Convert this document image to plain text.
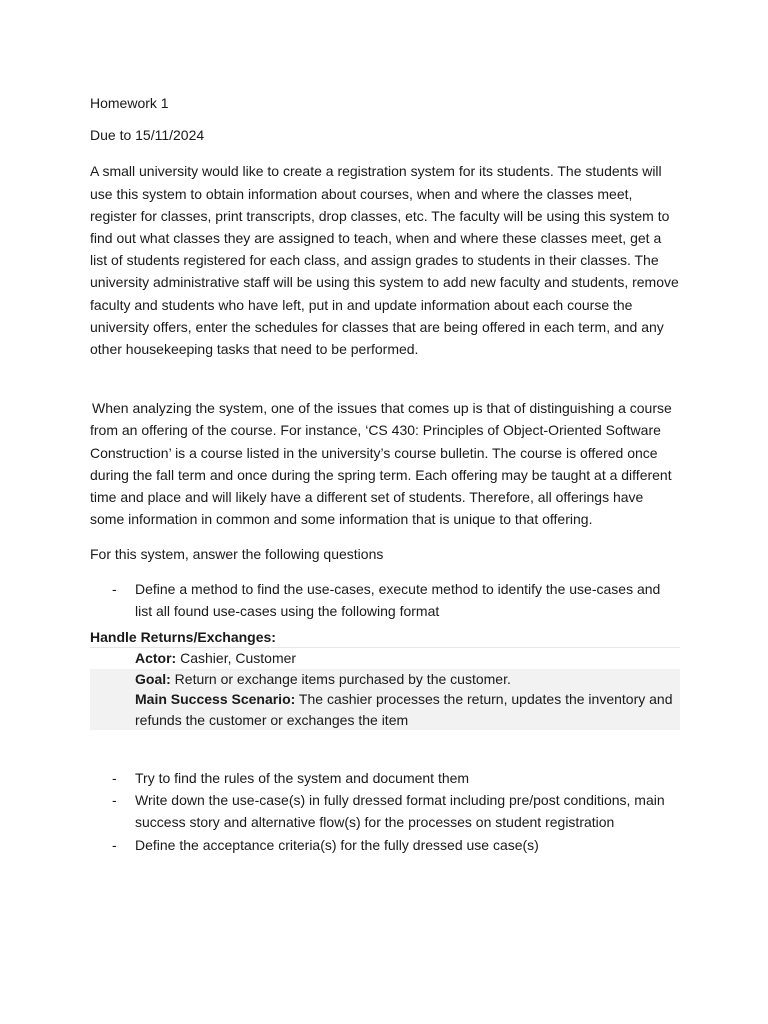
Homework 1

Due to 15/11/2024

A small university would like to create a registration system for its students. The students will use this system to obtain information about courses, when and where the classes meet, register for classes, print transcripts, drop classes, etc. The faculty will be using this system to find out what classes they are assigned to teach, when and where these classes meet, get a list of students registered for each class, and assign grades to students in their classes. The university administrative staff will be using this system to add new faculty and students, remove faculty and students who have left, put in and update information about each course the university offers, enter the schedules for classes that are being offered in each term, and any other housekeeping tasks that need to be performed.

When analyzing the system, one of the issues that comes up is that of distinguishing a course from an offering of the course. For instance, ‘CS 430: Principles of Object-Oriented Software Construction’ is a course listed in the university’s course bulletin. The course is offered once during the fall term and once during the spring term. Each offering may be taught at a different time and place and will likely have a different set of students. Therefore, all offerings have some information in common and some information that is unique to that offering.

For this system, answer the following questions

- Define a method to find the use-cases, execute method to identify the use-cases and list all found use-cases using the following format

Handle Returns/Exchanges:

Actor: Cashier, Customer
Goal: Return or exchange items purchased by the customer.
Main Success Scenario: The cashier processes the return, updates the inventory and refunds the customer or exchanges the item
- Try to find the rules of the system and document them
- Write down the use-case(s) in fully dressed format including pre/post conditions, main success story and alternative flow(s) for the processes on student registration
- Define the acceptance criteria(s) for the fully dressed use case(s)
